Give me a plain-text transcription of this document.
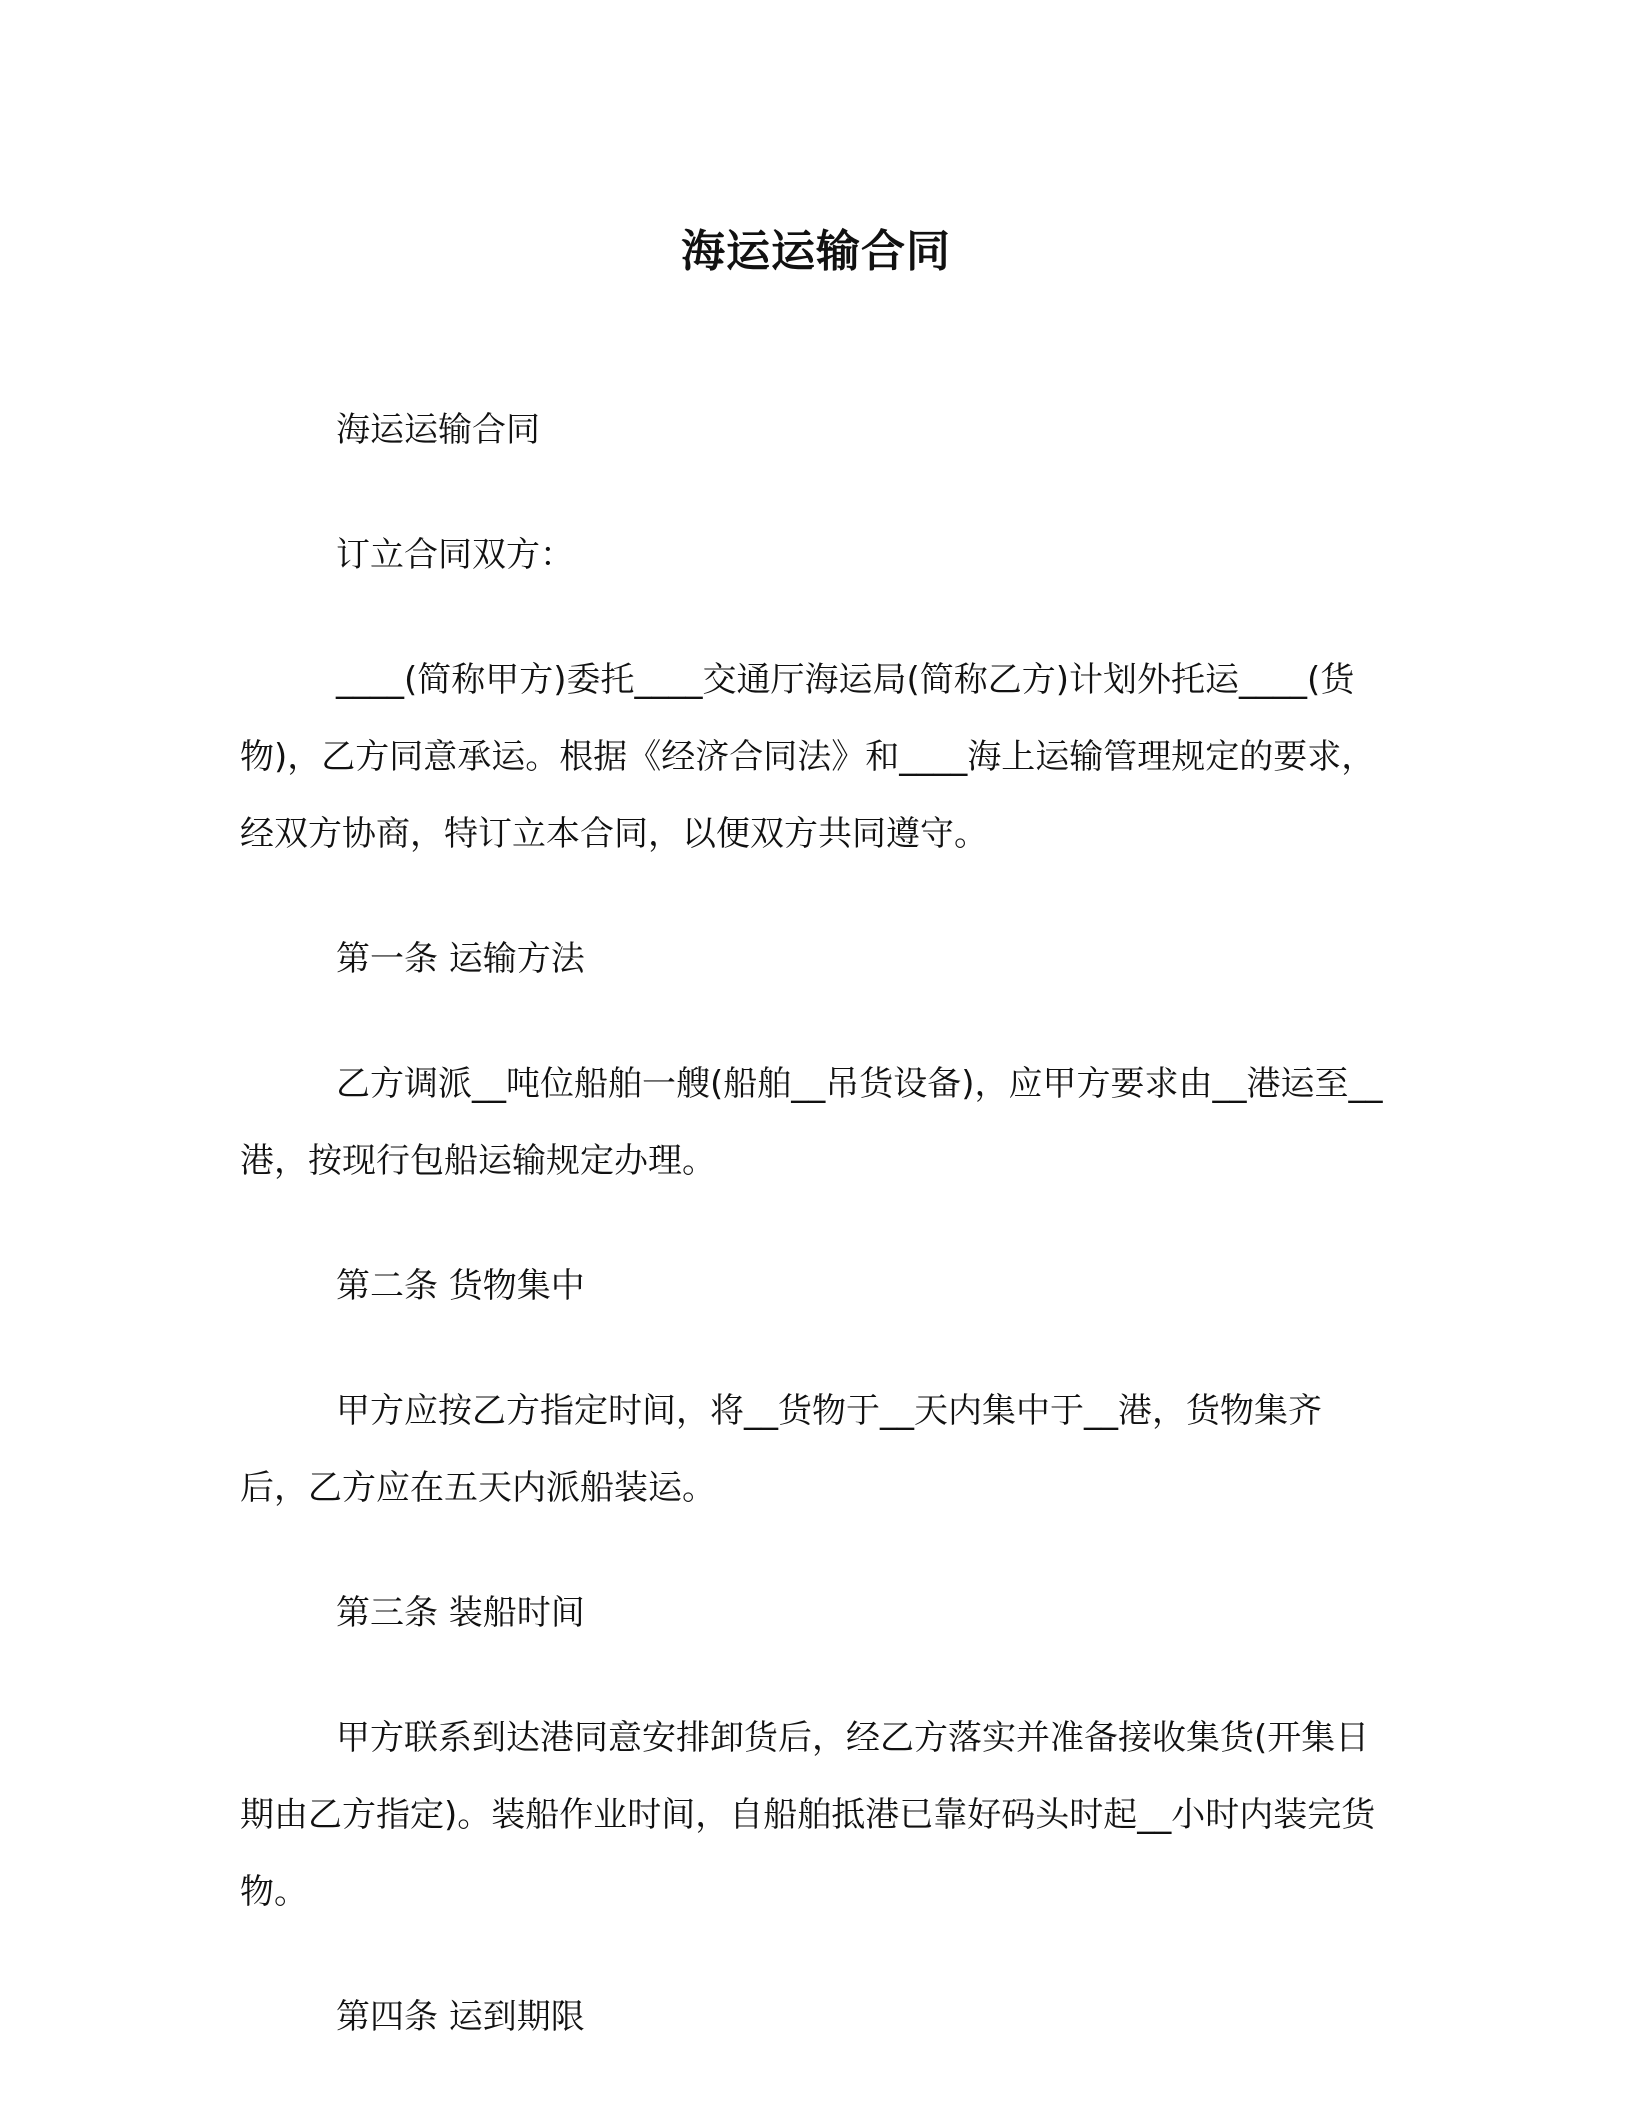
海运运输合同

海运运输合同

订立合同双方：

____(简称甲方)委托____交通厅海运局(简称乙方)计划外托运____(货物)，乙方同意承运。根据《经济合同法》和____海上运输管理规定的要求，经双方协商，特订立本合同，以便双方共同遵守。

第一条 运输方法

乙方调派__吨位船舶一艘(船舶__吊货设备)，应甲方要求由__港运至__港，按现行包船运输规定办理。

第二条 货物集中

甲方应按乙方指定时间，将__货物于__天内集中于__港，货物集齐后，乙方应在五天内派船装运。

第三条 装船时间

甲方联系到达港同意安排卸货后，经乙方落实并准备接收集货(开集日期由乙方指定)。装船作业时间，自船舶抵港已靠好码头时起__小时内装完货物。

第四条 运到期限
